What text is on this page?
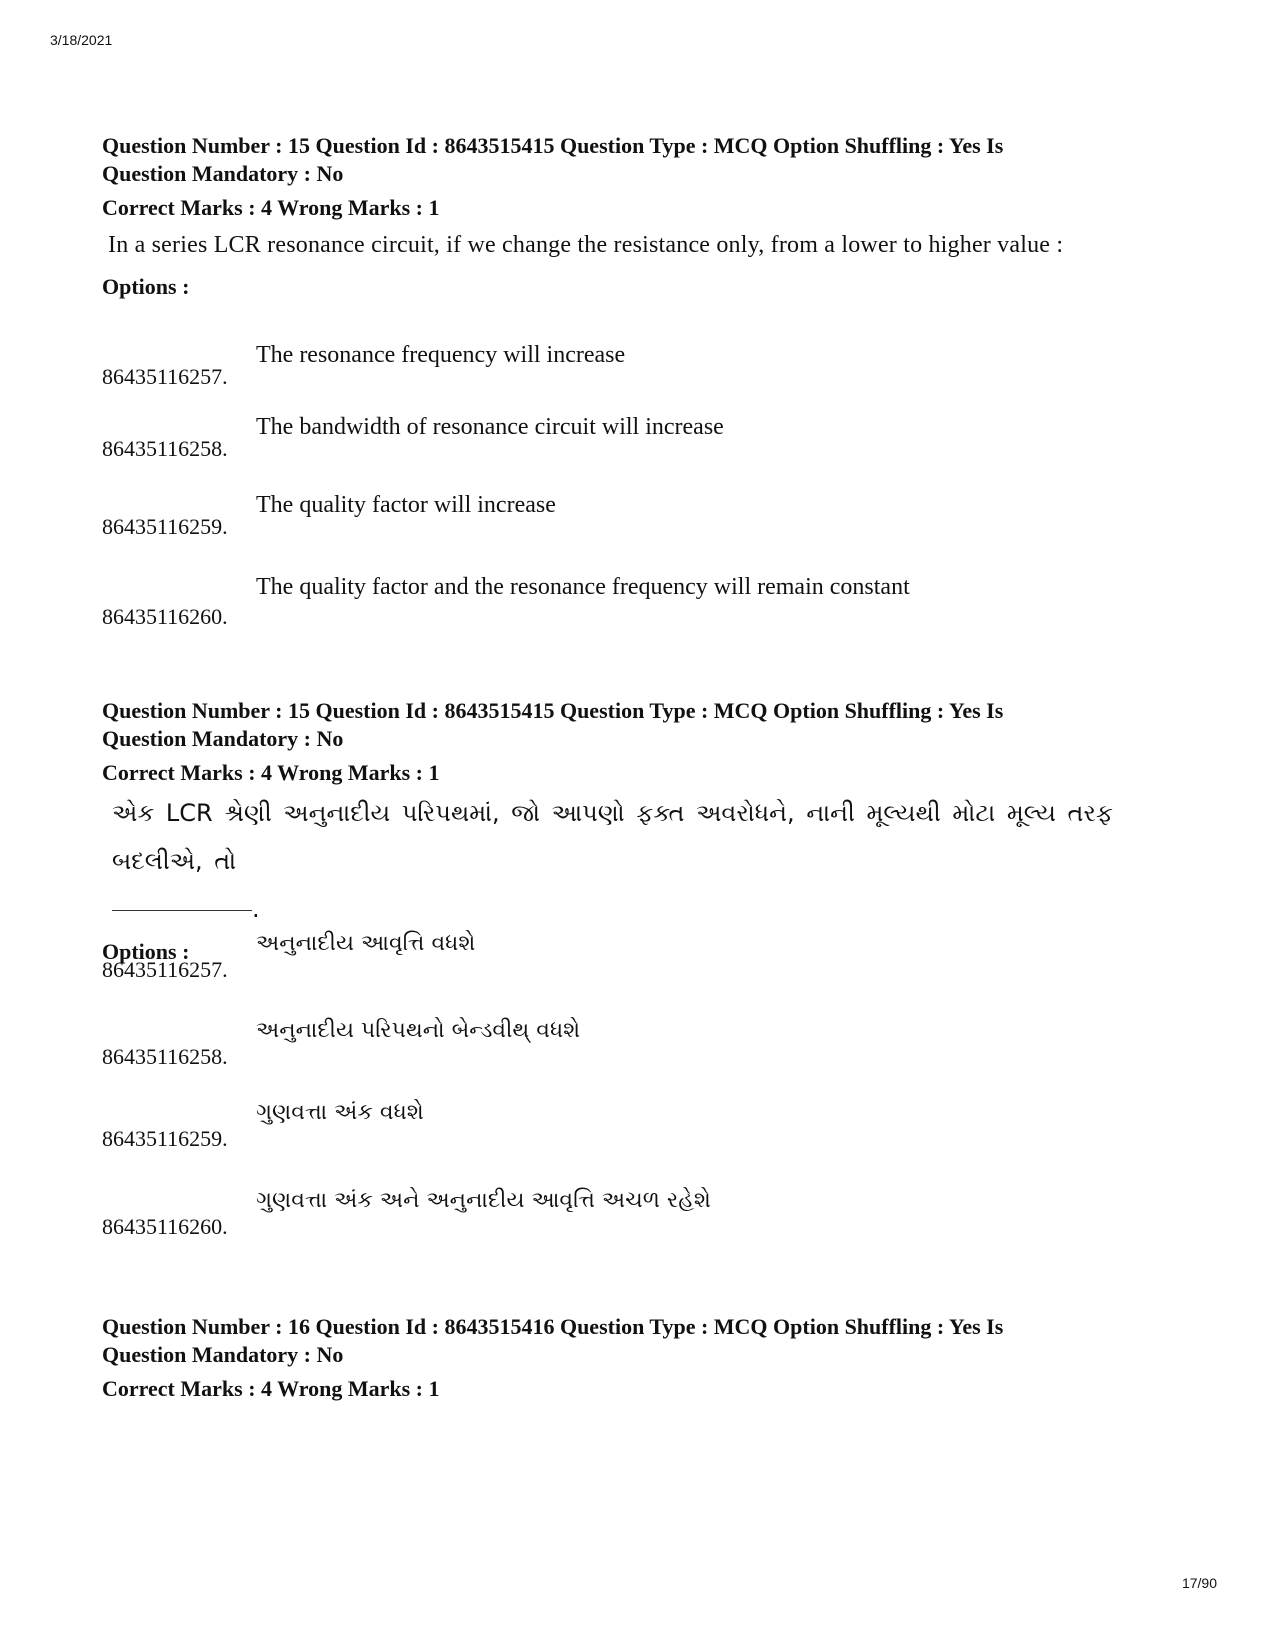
3/18/2021
Question Number : 15 Question Id : 8643515415 Question Type : MCQ Option Shuffling : Yes Is
Question Mandatory : No
Correct Marks : 4 Wrong Marks : 1
In a series LCR resonance circuit, if we change the resistance only, from a lower to higher value :
Options :
86435116257.
The resonance frequency will increase
86435116258.
The bandwidth of resonance circuit will increase
86435116259.
The quality factor will increase
86435116260.
The quality factor and the resonance frequency will remain constant
Question Number : 15 Question Id : 8643515415 Question Type : MCQ Option Shuffling : Yes Is
Question Mandatory : No
Correct Marks : 4 Wrong Marks : 1
એક LCR શ્રેણી અનુનાદીય પરિપથમાં, જો આપણો ફક્ત અવરોધને, નાની મૂલ્યથી મોટા મૂલ્ય તરફ બદલીએ, તો
.
Options :
86435116257.
અનુનાદીય આવૃત્તિ વધશે
86435116258.
અનુનાદીય પરિપથનો બેન્ડવીથ્ વધશે
86435116259.
ગુણવત્તા અંક વધશે
86435116260.
ગુણવત્તા અંક અને અનુનાદીય આવૃત્તિ અચળ રહેશે
Question Number : 16 Question Id : 8643515416 Question Type : MCQ Option Shuffling : Yes Is
Question Mandatory : No
Correct Marks : 4 Wrong Marks : 1
17/90
